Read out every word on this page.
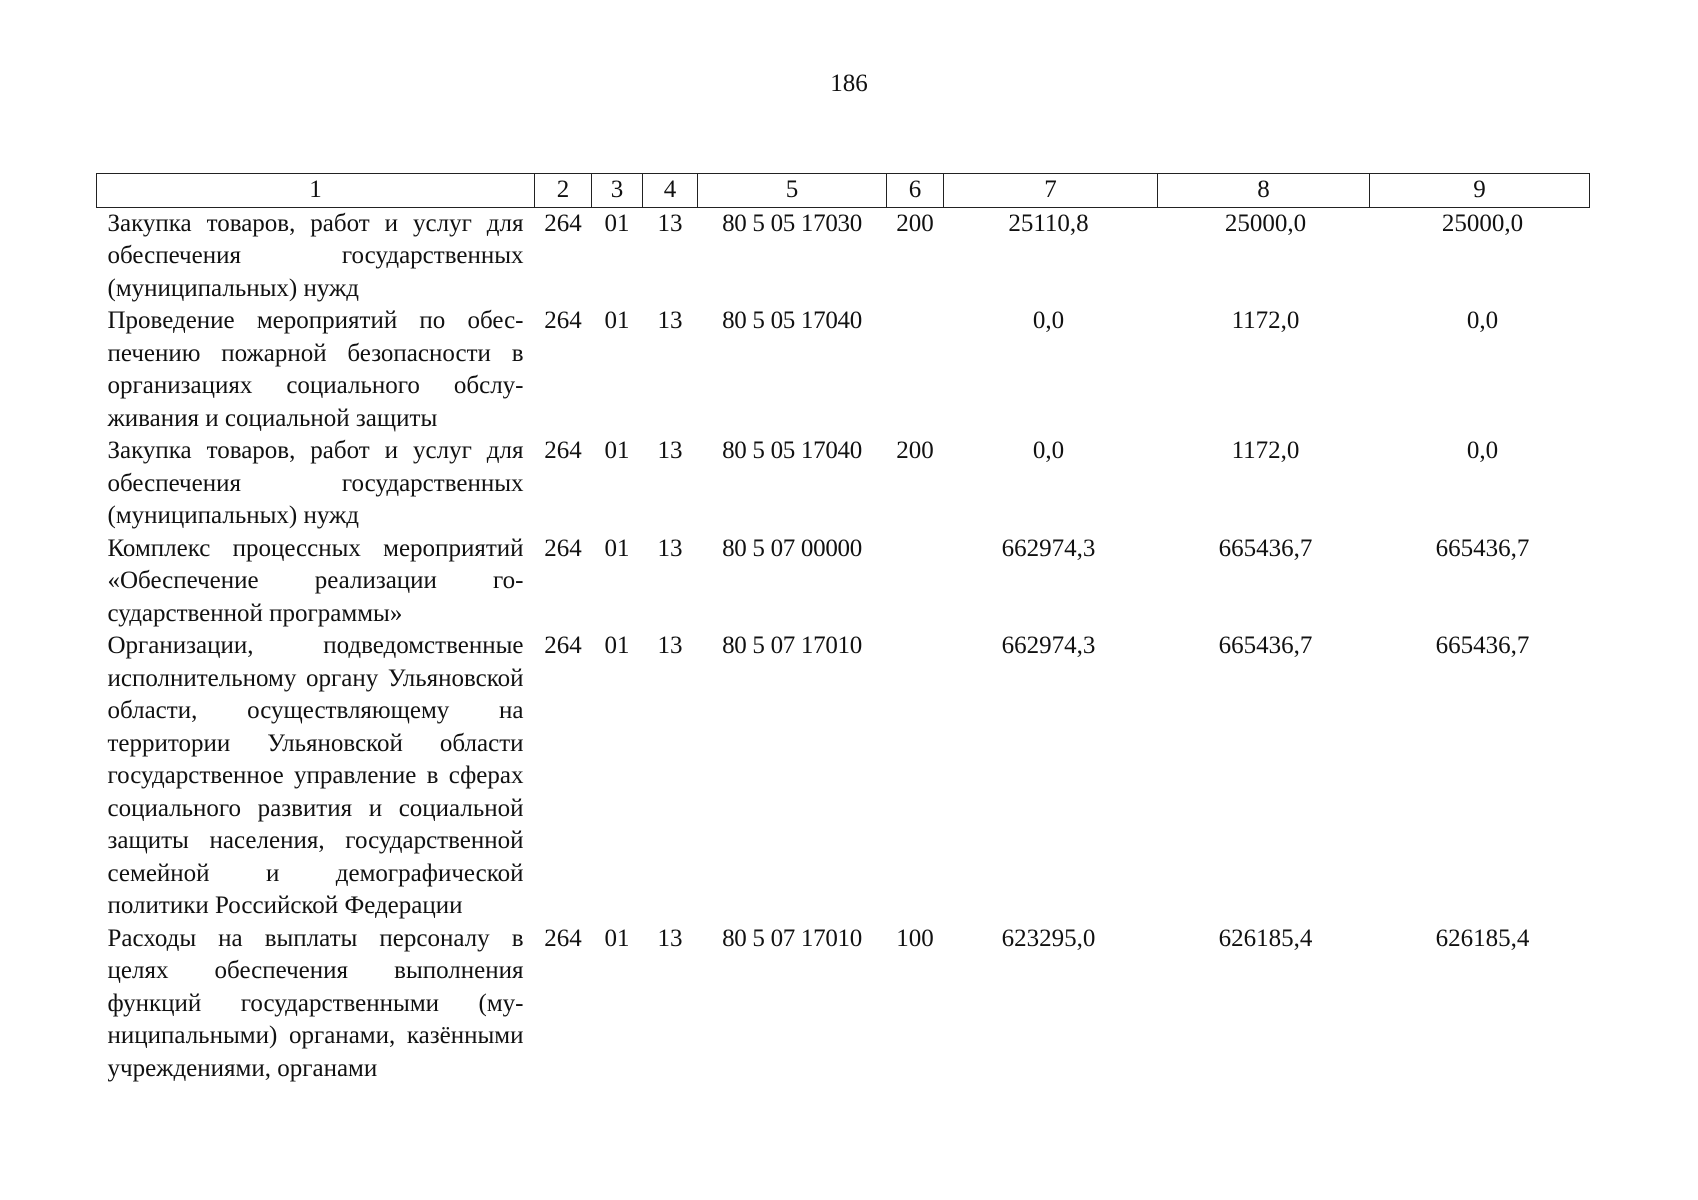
186
1	2	3	4	5	6	7	8	9
Закупка товаров, работ и услуг для обеспечения государственных (муниципальных) нужд	264	01	13	80 5 05 17030	200	25110,8	25000,0	25000,0
Проведение мероприятий по обеспечению пожарной безопасности в организациях социального обслуживания и социальной защиты	264	01	13	80 5 05 17040		0,0	1172,0	0,0
Закупка товаров, работ и услуг для обеспечения государственных (муниципальных) нужд	264	01	13	80 5 05 17040	200	0,0	1172,0	0,0
Комплекс процессных мероприятий «Обеспечение реализации государственной программы»	264	01	13	80 5 07 00000		662974,3	665436,7	665436,7
Организации, подведомственные исполнительному органу Ульяновской области, осуществляющему на территории Ульяновской области государственное управление в сферах социального развития и социальной защиты населения, государственной семейной и демографической политики Российской Федерации	264	01	13	80 5 07 17010		662974,3	665436,7	665436,7
Расходы на выплаты персоналу в целях обеспечения выполнения функций государственными (муниципальными) органами, казёнными учреждениями, органами	264	01	13	80 5 07 17010	100	623295,0	626185,4	626185,4
